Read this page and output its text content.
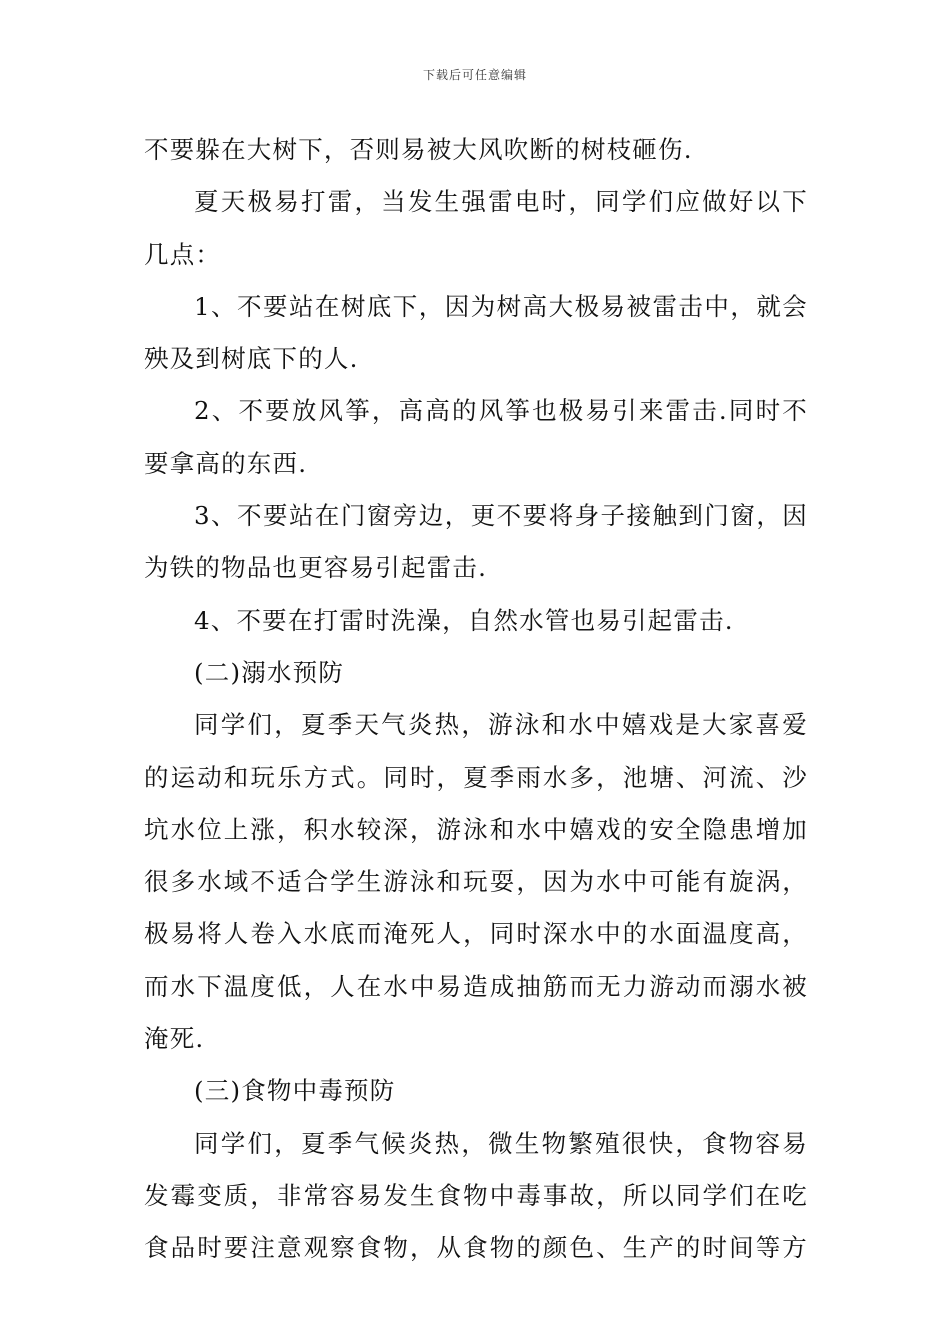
下载后可任意编辑
不要躲在大树下，否则易被大风吹断的树枝砸伤.
夏天极易打雷，当发生强雷电时，同学们应做好以下
几点：
1、不要站在树底下，因为树高大极易被雷击中，就会
殃及到树底下的人.
2、不要放风筝，高高的风筝也极易引来雷击.同时不
要拿高的东西.
3、不要站在门窗旁边，更不要将身子接触到门窗，因
为铁的物品也更容易引起雷击.
4、不要在打雷时洗澡，自然水管也易引起雷击.
(二)溺水预防
同学们，夏季天气炎热，游泳和水中嬉戏是大家喜爱
的运动和玩乐方式。同时，夏季雨水多，池塘、河流、沙
坑水位上涨，积水较深，游泳和水中嬉戏的安全隐患增加
很多水域不适合学生游泳和玩耍，因为水中可能有旋涡，
极易将人卷入水底而淹死人，同时深水中的水面温度高，
而水下温度低，人在水中易造成抽筋而无力游动而溺水被
淹死.
(三)食物中毒预防
同学们，夏季气候炎热，微生物繁殖很快，食物容易
发霉变质，非常容易发生食物中毒事故，所以同学们在吃
食品时要注意观察食物，从食物的颜色、生产的时间等方
